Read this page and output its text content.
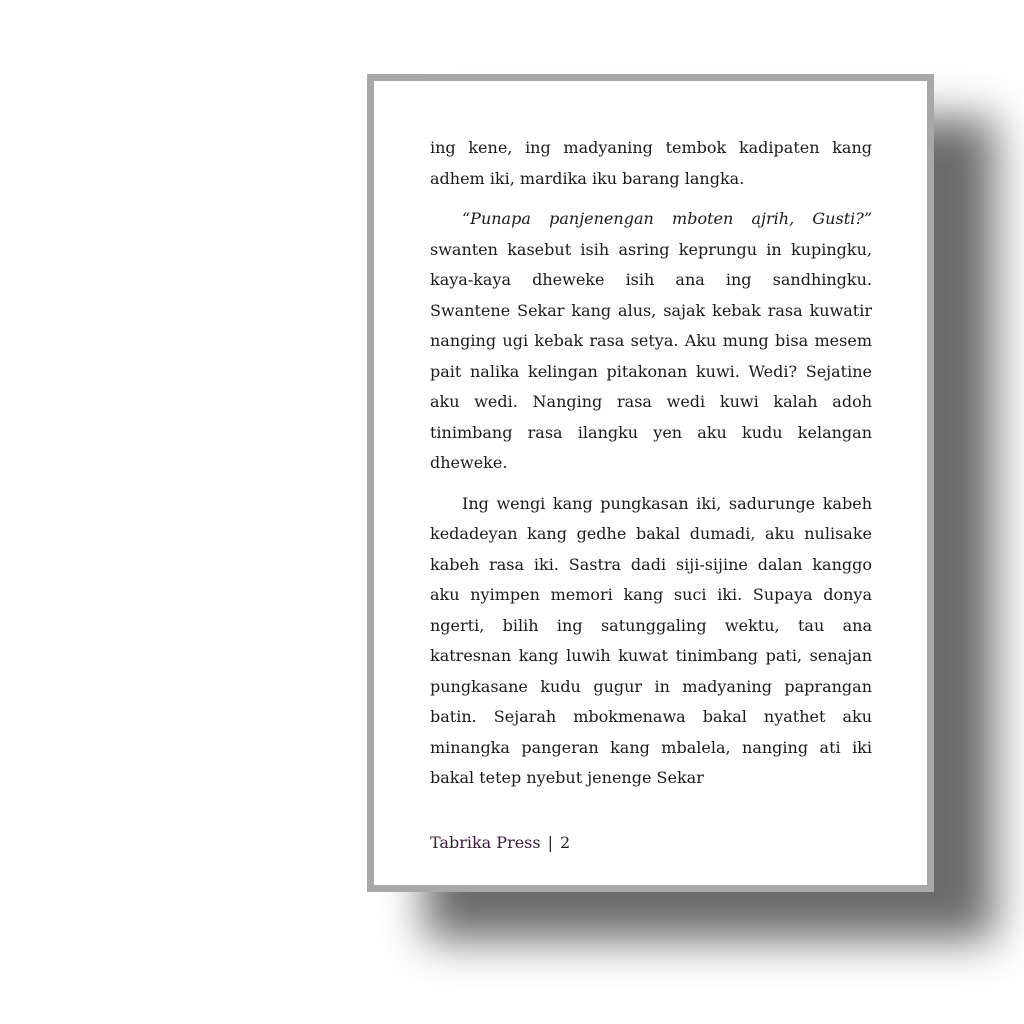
ing kene, ing madyaning tembok kadipaten kang adhem iki, mardika iku barang langka.

“Punapa panjenengan mboten ajrih, Gusti?” swanten kasebut isih asring keprungu in kupingku, kaya-kaya dheweke isih ana ing sandhingku. Swantene Sekar kang alus, sajak kebak rasa kuwatir nanging ugi kebak rasa setya. Aku mung bisa mesem pait nalika kelingan pitakonan kuwi. Wedi? Sejatine aku wedi. Nanging rasa wedi kuwi kalah adoh tinimbang rasa ilangku yen aku kudu kelangan dheweke.

Ing wengi kang pungkasan iki, sadurunge kabeh kedadeyan kang gedhe bakal dumadi, aku nulisake kabeh rasa iki. Sastra dadi siji-sijine dalan kanggo aku nyimpen memori kang suci iki. Supaya donya ngerti, bilih ing satunggaling wektu, tau ana katresnan kang luwih kuwat tinimbang pati, senajan pungkasane kudu gugur in madyaning paprangan batin. Sejarah mbokmenawa bakal nyathet aku minangka pangeran kang mbalela, nanging ati iki bakal tetep nyebut jenenge Sekar

Tabrika Press | 2
